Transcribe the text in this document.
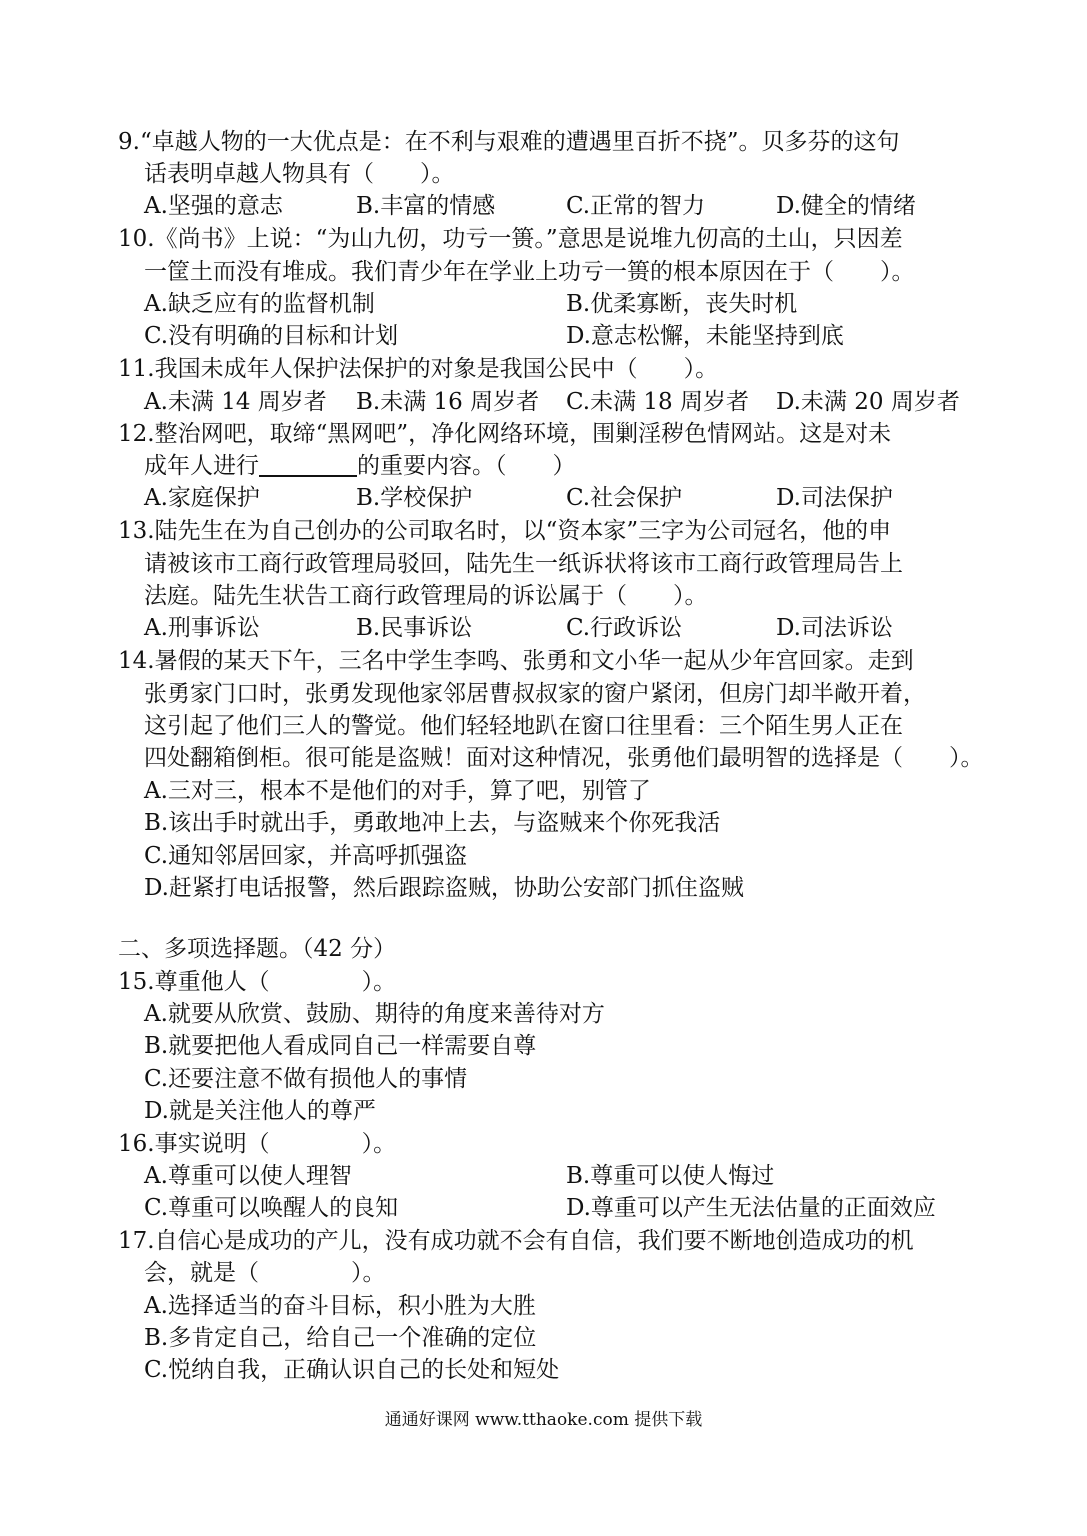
9.“卓越人物的一大优点是：在不利与艰难的遭遇里百折不挠”。贝多芬的这句
话表明卓越人物具有（　　）。
A.坚强的意志	B.丰富的情感	C.正常的智力	D.健全的情绪
10.《尚书》上说：“为山九仞，功亏一篑。”意思是说堆九仞高的土山，只因差
一筐土而没有堆成。我们青少年在学业上功亏一篑的根本原因在于（　　）。
A.缺乏应有的监督机制	B.优柔寡断，丧失时机
C.没有明确的目标和计划	D.意志松懈，未能坚持到底
11.我国未成年人保护法保护的对象是我国公民中（　　）。
A.未满 14 周岁者 B.未满 16 周岁者 C.未满 18 周岁者 D.未满 20 周岁者
12.整治网吧，取缔“黑网吧”，净化网络环境，围剿淫秽色情网站。这是对未
成年人进行	的重要内容。（　　）
A.家庭保护	B.学校保护	C.社会保护	D.司法保护
13.陆先生在为自己创办的公司取名时，以“资本家”三字为公司冠名，他的申
请被该市工商行政管理局驳回，陆先生一纸诉状将该市工商行政管理局告上
法庭。陆先生状告工商行政管理局的诉讼属于（　　）。
A.刑事诉讼	B.民事诉讼	C.行政诉讼	D.司法诉讼
14.暑假的某天下午，三名中学生李鸣、张勇和文小华一起从少年宫回家。走到
张勇家门口时，张勇发现他家邻居曹叔叔家的窗户紧闭，但房门却半敞开着，
这引起了他们三人的警觉。他们轻轻地趴在窗口往里看：三个陌生男人正在
四处翻箱倒柜。很可能是盗贼！面对这种情况，张勇他们最明智的选择是（　　）。
A.三对三，根本不是他们的对手，算了吧，别管了
B.该出手时就出手，勇敢地冲上去，与盗贼来个你死我活
C.通知邻居回家，并高呼抓强盗
D.赶紧打电话报警，然后跟踪盗贼，协助公安部门抓住盗贼
二、多项选择题。（42 分）
15.尊重他人（　　　　）。
A.就要从欣赏、鼓励、期待的角度来善待对方
B.就要把他人看成同自己一样需要自尊
C.还要注意不做有损他人的事情
D.就是关注他人的尊严
16.事实说明（　　　　）。
A.尊重可以使人理智	B.尊重可以使人悔过
C.尊重可以唤醒人的良知	D.尊重可以产生无法估量的正面效应
17.自信心是成功的产儿，没有成功就不会有自信，我们要不断地创造成功的机
会，就是（　　　　）。
A.选择适当的奋斗目标，积小胜为大胜
B.多肯定自己，给自己一个准确的定位
C.悦纳自我，正确认识自己的长处和短处
通通好课网 www.tthaoke.com 提供下载
